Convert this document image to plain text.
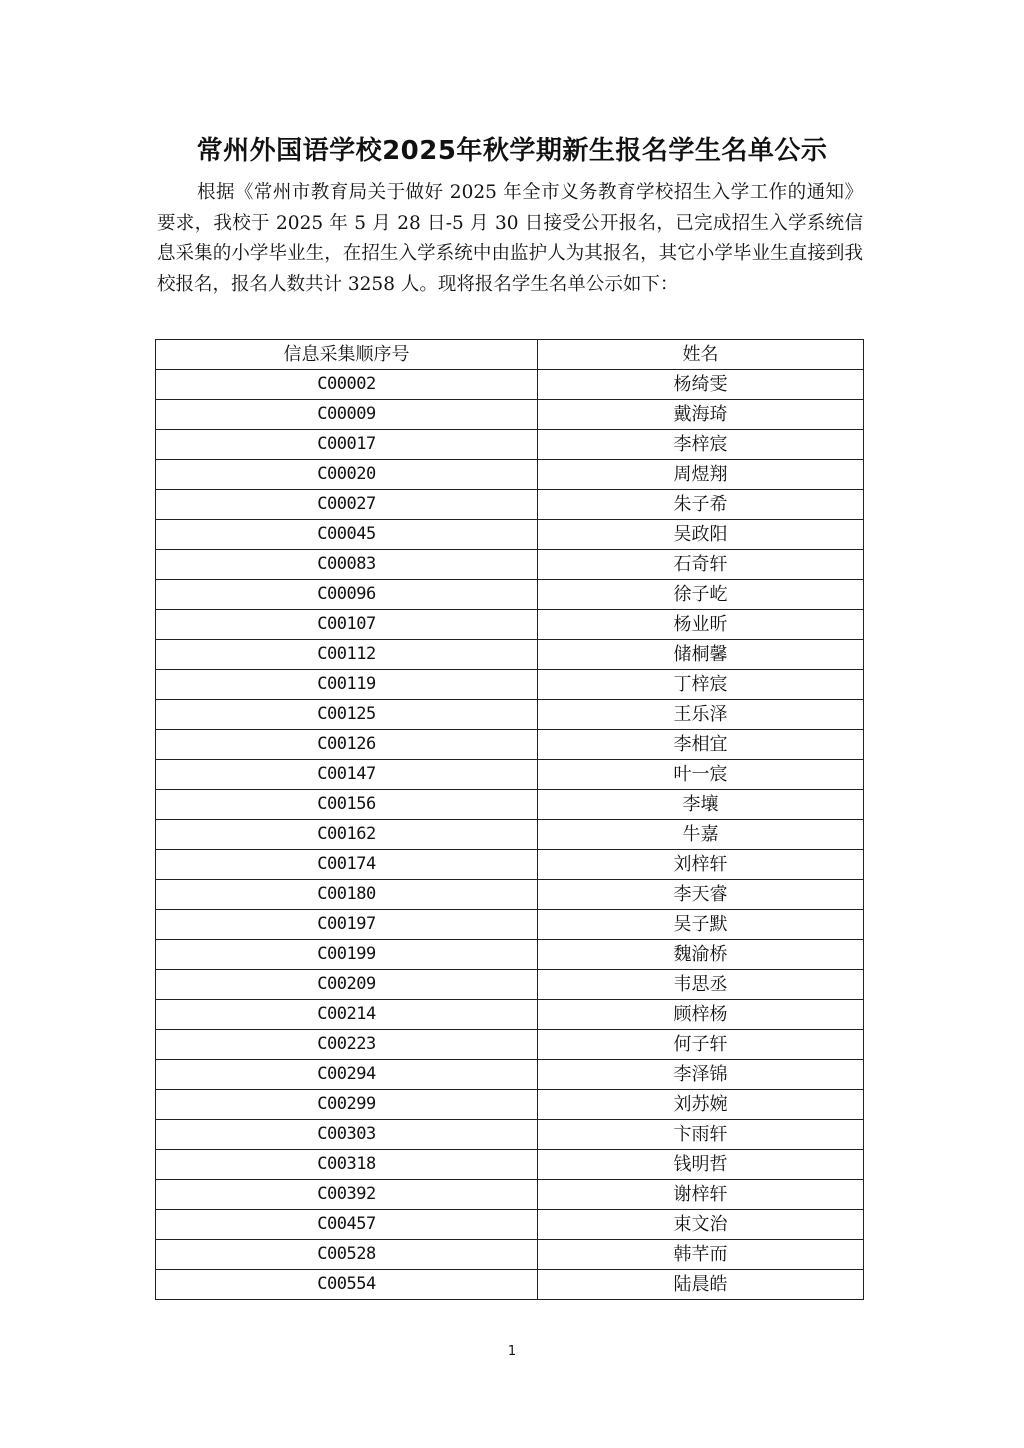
常州外国语学校2025年秋学期新生报名学生名单公示

根据《常州市教育局关于做好 2025 年全市义务教育学校招生入学工作的通知》要求，我校于 2025 年 5 月 28 日-5 月 30 日接受公开报名，已完成招生入学系统信息采集的小学毕业生，在招生入学系统中由监护人为其报名，其它小学毕业生直接到我校报名，报名人数共计 3258 人。现将报名学生名单公示如下：

信息采集顺序号	姓名
C00002	杨绮雯
C00009	戴海琦
C00017	李梓宸
C00020	周煜翔
C00027	朱子希
C00045	吴政阳
C00083	石奇轩
C00096	徐子屹
C00107	杨业昕
C00112	储桐馨
C00119	丁梓宸
C00125	王乐泽
C00126	李相宜
C00147	叶一宸
C00156	李壤
C00162	牛嘉
C00174	刘梓轩
C00180	李天睿
C00197	吴子默
C00199	魏渝桥
C00209	韦思丞
C00214	顾梓杨
C00223	何子轩
C00294	李泽锦
C00299	刘苏婉
C00303	卞雨轩
C00318	钱明哲
C00392	谢梓轩
C00457	束文治
C00528	韩芊而
C00554	陆晨皓
1
